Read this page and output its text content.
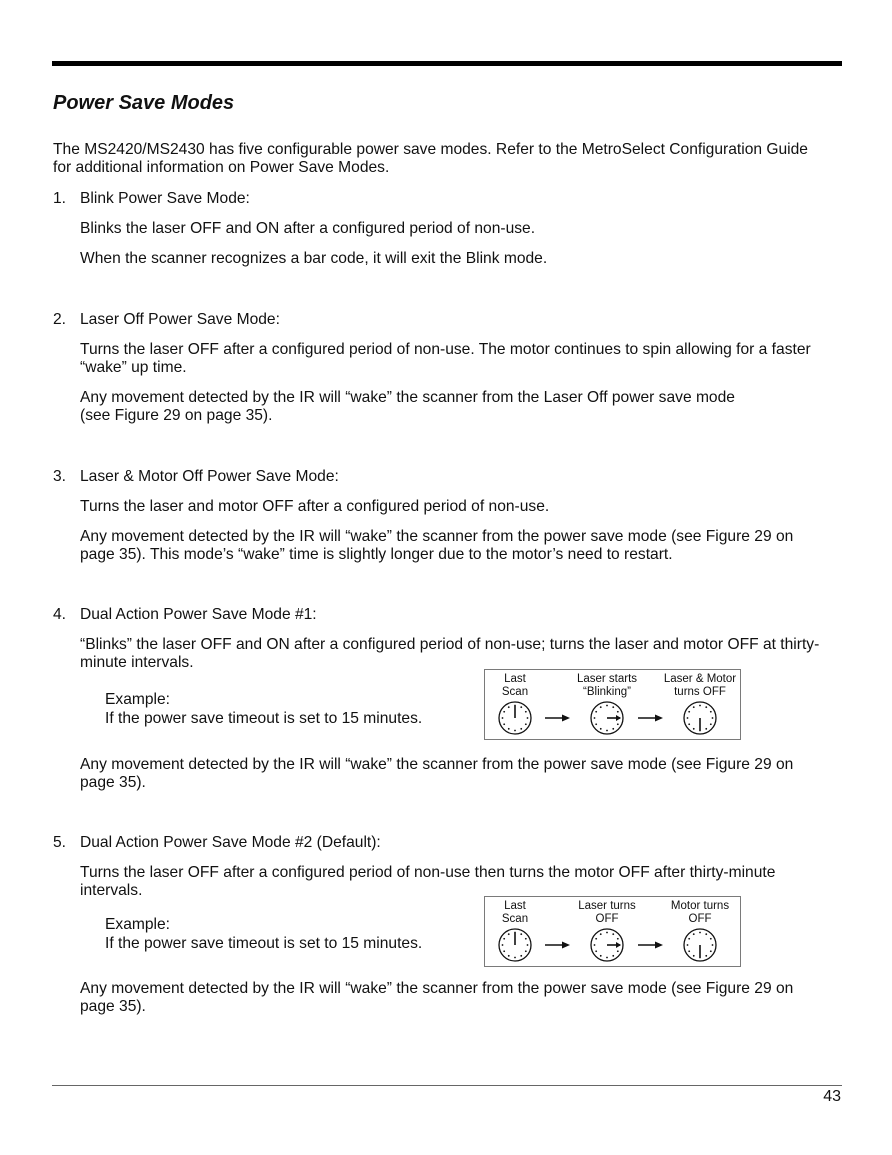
Power Save Modes

The MS2420/MS2430 has five configurable power save modes. Refer to the MetroSelect Configuration Guide

for additional information on Power Save Modes.

1. Blink Power Save Mode:

Blinks the laser OFF and ON after a configured period of non-use.

When the scanner recognizes a bar code, it will exit the Blink mode.

2. Laser Off Power Save Mode:

Turns the laser OFF after a configured period of non-use. The motor continues to spin allowing for a faster

“wake” up time.

Any movement detected by the IR will “wake” the scanner from the Laser Off power save mode

(see Figure 29 on page 35).

3. Laser & Motor Off Power Save Mode:

Turns the laser and motor OFF after a configured period of non-use.

Any movement detected by the IR will “wake” the scanner from the power save mode (see Figure 29 on

page 35). This mode’s “wake” time is slightly longer due to the motor’s need to restart.

4. Dual Action Power Save Mode #1:

“Blinks” the laser OFF and ON after a configured period of non-use; turns the laser and motor OFF at thirty-

minute intervals.

Example:

If the power save timeout is set to 15 minutes.

Last
Scan
Laser starts
“Blinking”
Laser & Motor
turns OFF

Any movement detected by the IR will “wake” the scanner from the power save mode (see Figure 29 on

page 35).

5. Dual Action Power Save Mode #2 (Default):

Turns the laser OFF after a configured period of non-use then turns the motor OFF after thirty-minute

intervals.

Example:

If the power save timeout is set to 15 minutes.

Last
Scan
Laser turns
OFF
Motor turns
OFF

Any movement detected by the IR will “wake” the scanner from the power save mode (see Figure 29 on

page 35).

43
